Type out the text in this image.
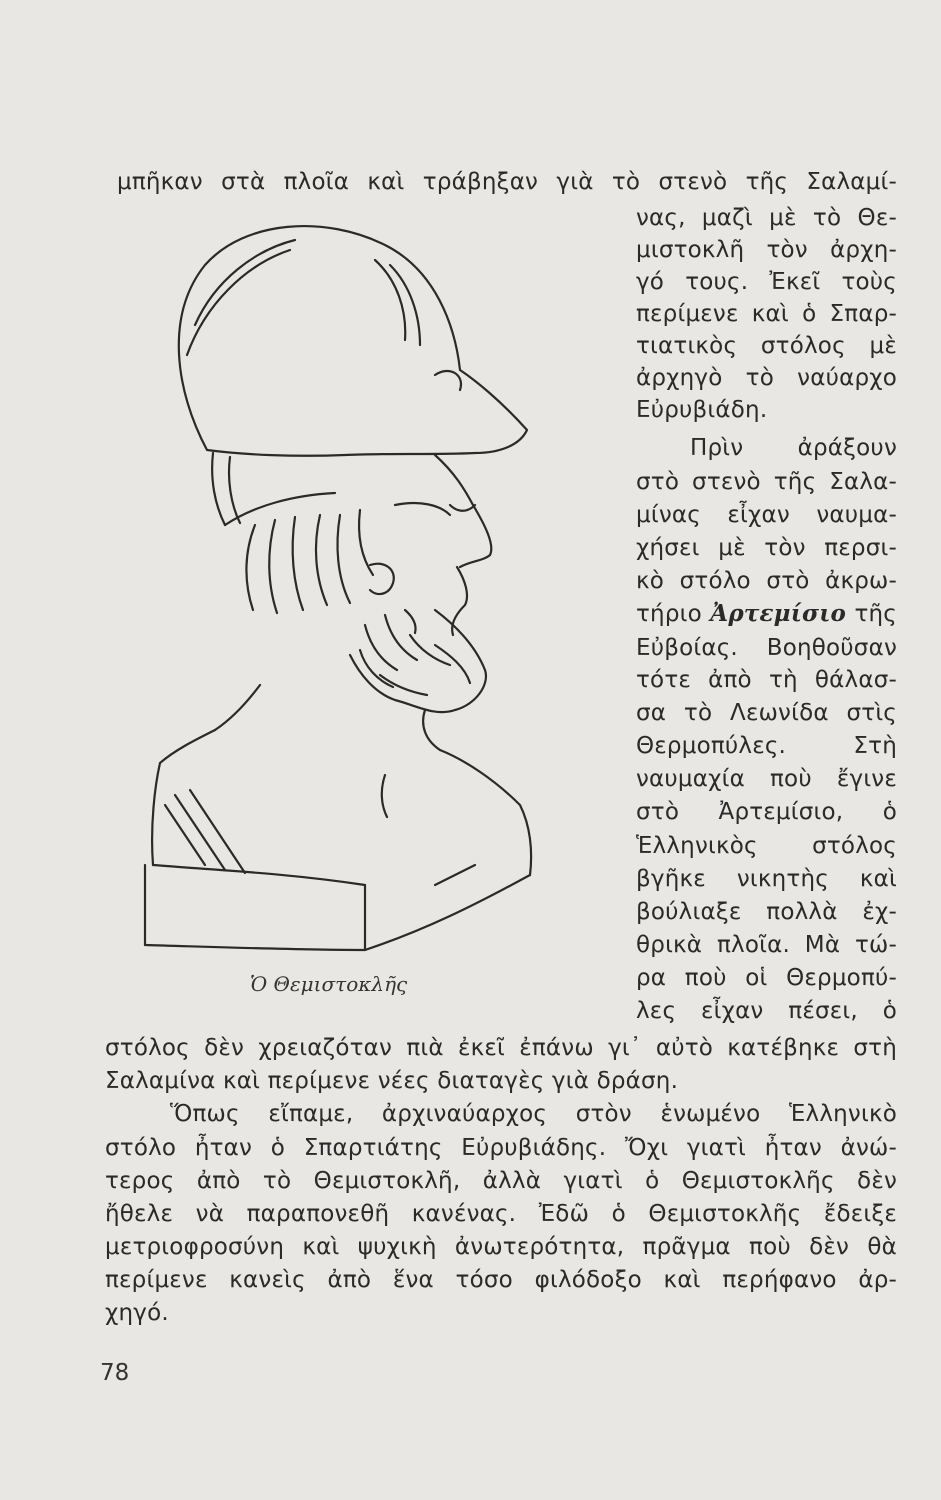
μπῆκαν στὰ πλοῖα καὶ τράβηξαν γιὰ τὸ στενὸ τῆς Σαλαμί-
νας, μαζὶ μὲ τὸ Θε-
μιστοκλῆ τὸν ἀρχη-
γό τους. Ἐκεῖ τοὺς
περίμενε καὶ ὁ Σπαρ-
τιατικὸς στόλος μὲ
ἀρχηγὸ τὸ ναύαρχο
Εὐρυβιάδη.
Πρὶν ἀράξουν
στὸ στενὸ τῆς Σαλα-
μίνας εἶχαν ναυμα-
χήσει μὲ τὸν περσι-
κὸ στόλο στὸ ἀκρω-
τήριο Ἀρτεμίσιο τῆς
Εὐβοίας. Βοηθοῦσαν
τότε ἀπὸ τὴ θάλασ-
σα τὸ Λεωνίδα στὶς
Θερμοπύλες. Στὴ
ναυμαχία ποὺ ἔγινε
στὸ Ἀρτεμίσιο, ὁ
Ἑλληνικὸς στόλος
βγῆκε νικητὴς καὶ
βούλιαξε πολλὰ ἐχ-
θρικὰ πλοῖα. Μὰ τώ-
ρα ποὺ οἱ Θερμοπύ-
λες εἶχαν πέσει, ὁ
στόλος δὲν χρειαζόταν πιὰ ἐκεῖ ἐπάνω γι᾿ αὐτὸ κατέβηκε στὴ
Σαλαμίνα καὶ περίμενε νέες διαταγὲς γιὰ δράση.
Ὅπως εἴπαμε, ἀρχιναύαρχος στὸν ἑνωμένο Ἑλληνικὸ
στόλο ἦταν ὁ Σπαρτιάτης Εὐρυβιάδης. Ὄχι γιατὶ ἦταν ἀνώ-
τερος ἀπὸ τὸ Θεμιστοκλῆ, ἀλλὰ γιατὶ ὁ Θεμιστοκλῆς δὲν
ἤθελε νὰ παραπονεθῆ κανένας. Ἐδῶ ὁ Θεμιστοκλῆς ἔδειξε
μετριοφροσύνη καὶ ψυχικὴ ἀνωτερότητα, πρᾶγμα ποὺ δὲν θὰ
περίμενε κανεὶς ἀπὸ ἕνα τόσο φιλόδοξο καὶ περήφανο ἀρ-
χηγό.
Ὁ Θεμιστοκλῆς
78
